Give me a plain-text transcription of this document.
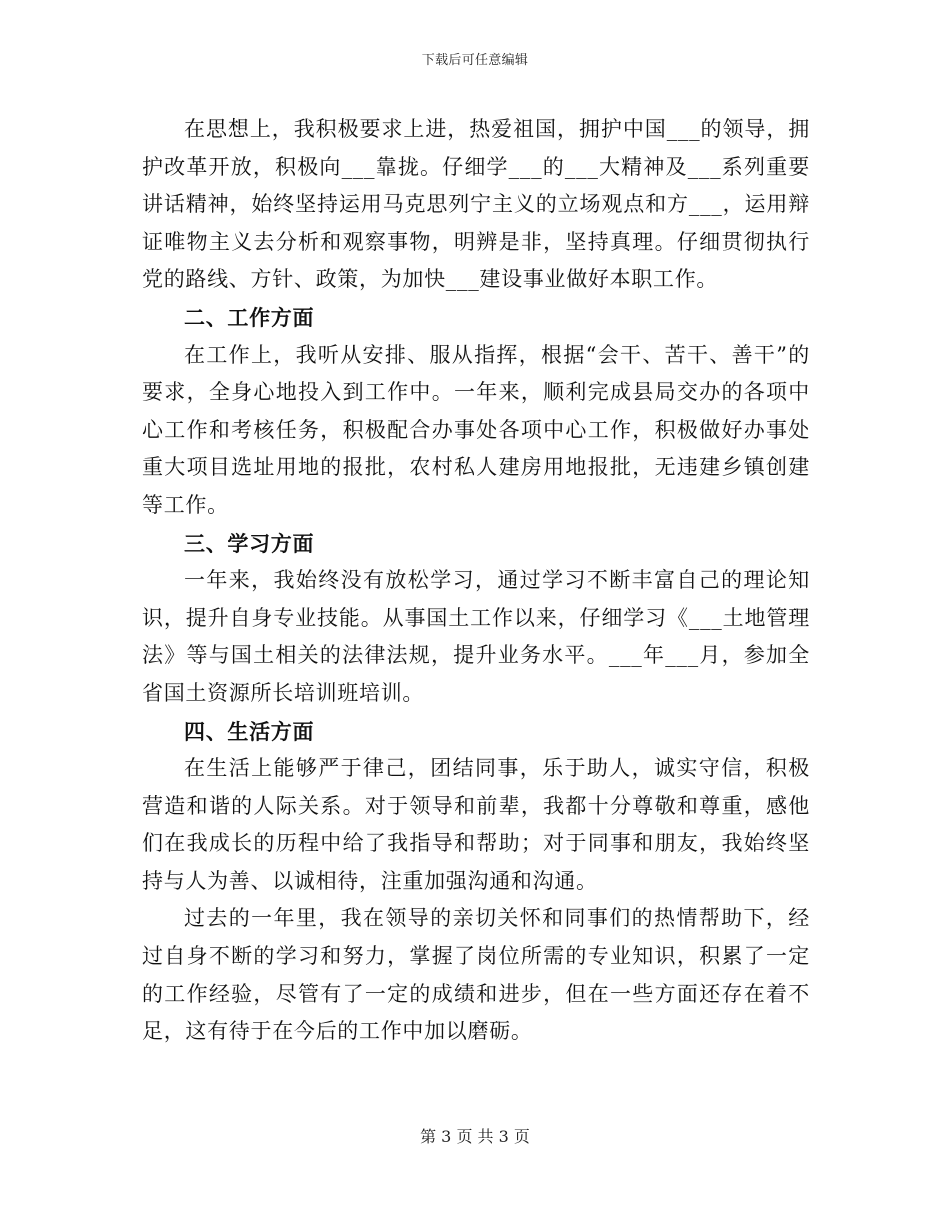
下载后可任意编辑

在思想上，我积极要求上进，热爱祖国，拥护中国___的领导，拥护改革开放，积极向___靠拢。仔细学___的___大精神及___系列重要讲话精神，始终坚持运用马克思列宁主义的立场观点和方___，运用辩证唯物主义去分析和观察事物，明辨是非，坚持真理。仔细贯彻执行党的路线、方针、政策，为加快___建设事业做好本职工作。

二、工作方面

在工作上，我听从安排、服从指挥，根据“会干、苦干、善干”的要求，全身心地投入到工作中。一年来，顺利完成县局交办的各项中心工作和考核任务，积极配合办事处各项中心工作，积极做好办事处重大项目选址用地的报批，农村私人建房用地报批，无违建乡镇创建等工作。

三、学习方面

一年来，我始终没有放松学习，通过学习不断丰富自己的理论知识，提升自身专业技能。从事国土工作以来，仔细学习《___土地管理法》等与国土相关的法律法规，提升业务水平。___年___月，参加全省国土资源所长培训班培训。

四、生活方面

在生活上能够严于律己，团结同事，乐于助人，诚实守信，积极营造和谐的人际关系。对于领导和前辈，我都十分尊敬和尊重，感他们在我成长的历程中给了我指导和帮助；对于同事和朋友，我始终坚持与人为善、以诚相待，注重加强沟通和沟通。

过去的一年里，我在领导的亲切关怀和同事们的热情帮助下，经过自身不断的学习和努力，掌握了岗位所需的专业知识，积累了一定的工作经验，尽管有了一定的成绩和进步，但在一些方面还存在着不足，这有待于在今后的工作中加以磨砺。

第 3 页 共 3 页
